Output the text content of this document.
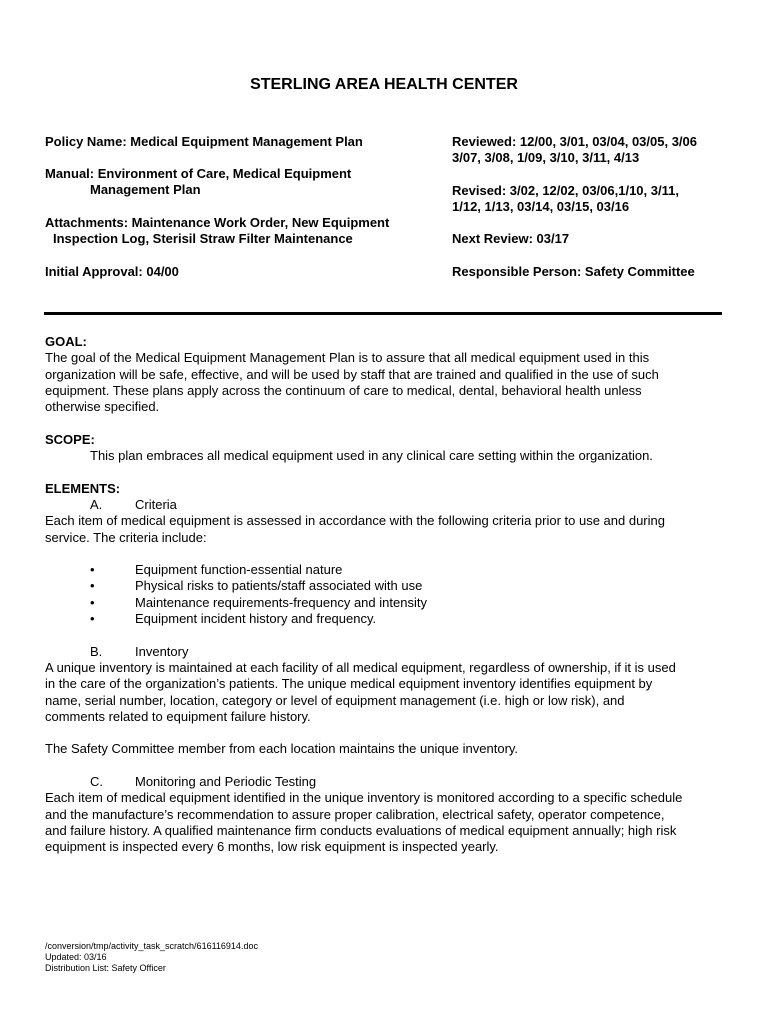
STERLING AREA HEALTH CENTER
Policy Name: Medical Equipment Management Plan
Manual: Environment of Care, Medical Equipment
Management Plan
Attachments: Maintenance Work Order, New Equipment
Inspection Log, Sterisil Straw Filter Maintenance
Initial Approval: 04/00
Reviewed: 12/00, 3/01, 03/04, 03/05, 3/06
3/07, 3/08, 1/09, 3/10, 3/11, 4/13
Revised: 3/02, 12/02, 03/06,1/10, 3/11,
1/12, 1/13, 03/14, 03/15, 03/16
Next Review: 03/17
Responsible Person: Safety Committee
GOAL:
The goal of the Medical Equipment Management Plan is to assure that all medical equipment used in this
organization will be safe, effective, and will be used by staff that are trained and qualified in the use of such
equipment. These plans apply across the continuum of care to medical, dental, behavioral health unless
otherwise specified.
SCOPE:
This plan embraces all medical equipment used in any clinical care setting within the organization.
ELEMENTS:
A.	Criteria
Each item of medical equipment is assessed in accordance with the following criteria prior to use and during
service. The criteria include:
•	Equipment function-essential nature
•	Physical risks to patients/staff associated with use
•	Maintenance requirements-frequency and intensity
•	Equipment incident history and frequency.
B.	Inventory
A unique inventory is maintained at each facility of all medical equipment, regardless of ownership, if it is used
in the care of the organization’s patients. The unique medical equipment inventory identifies equipment by
name, serial number, location, category or level of equipment management (i.e. high or low risk), and
comments related to equipment failure history.
The Safety Committee member from each location maintains the unique inventory.
C.	Monitoring and Periodic Testing
Each item of medical equipment identified in the unique inventory is monitored according to a specific schedule
and the manufacture’s recommendation to assure proper calibration, electrical safety, operator competence,
and failure history. A qualified maintenance firm conducts evaluations of medical equipment annually; high risk
equipment is inspected every 6 months, low risk equipment is inspected yearly.
/conversion/tmp/activity_task_scratch/616116914.doc
Updated: 03/16
Distribution List: Safety Officer
